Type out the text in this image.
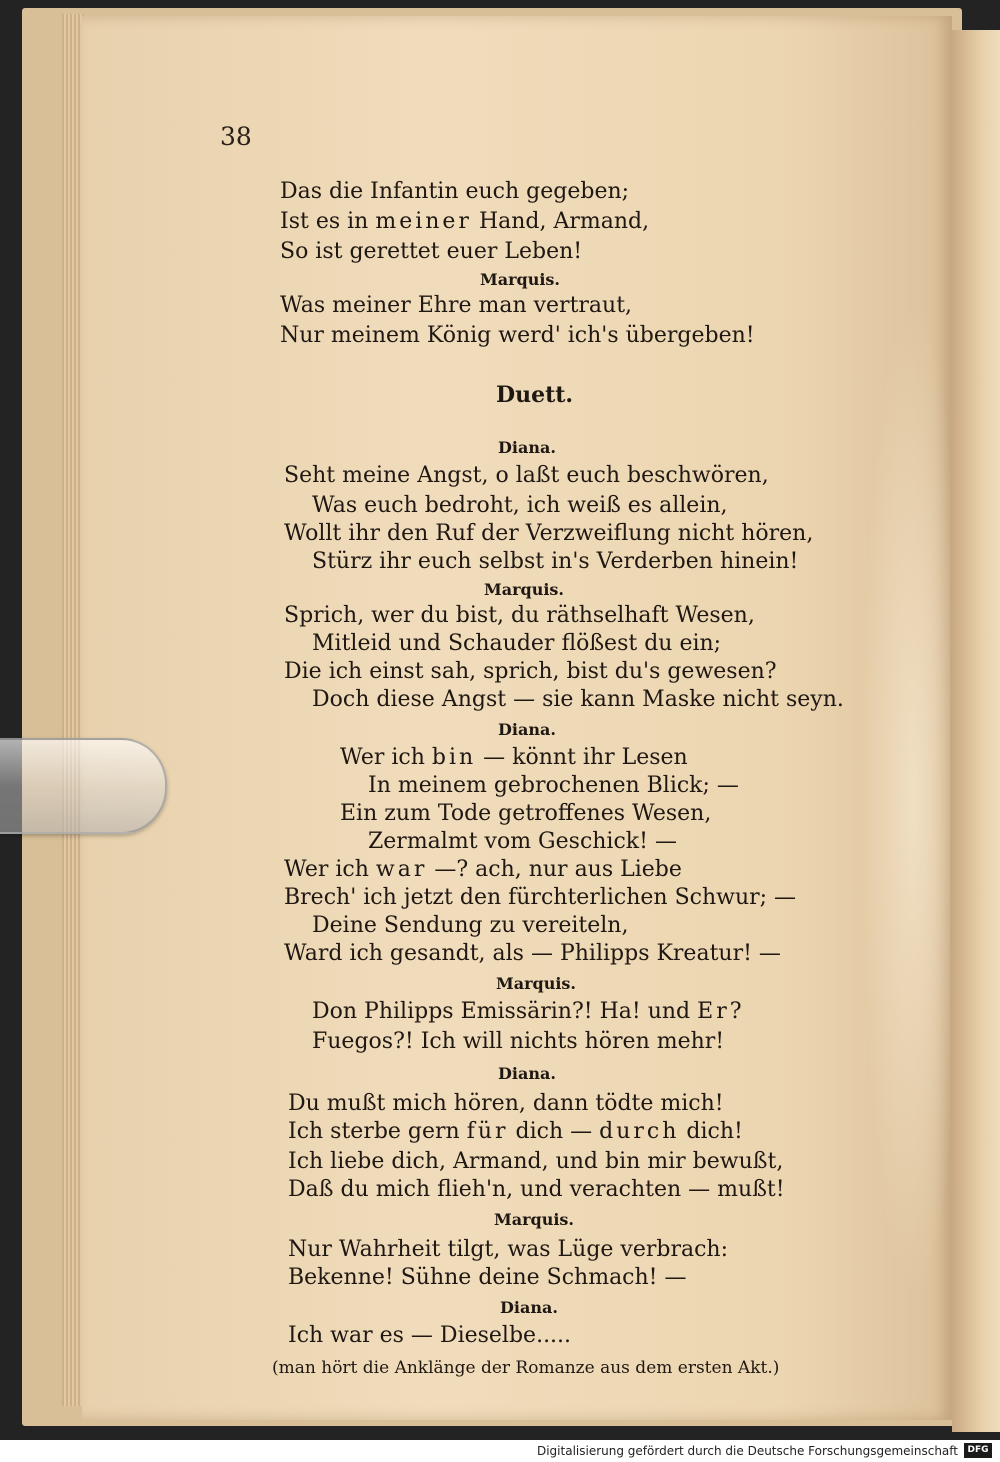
38
Das die Infantin euch gegeben;
Ist es in meiner Hand, Armand,
So ist gerettet euer Leben!
Marquis.
Was meiner Ehre man vertraut,
Nur meinem König werd' ich's übergeben!
Duett.
Diana.
Seht meine Angst, o laßt euch beschwören,
Was euch bedroht, ich weiß es allein,
Wollt ihr den Ruf der Verzweiflung nicht hören,
Stürz ihr euch selbst in's Verderben hinein!
Marquis.
Sprich, wer du bist, du räthselhaft Wesen,
Mitleid und Schauder flößest du ein;
Die ich einst sah, sprich, bist du's gewesen?
Doch diese Angst — sie kann Maske nicht seyn.
Diana.
Wer ich bin — könnt ihr Lesen
In meinem gebrochenen Blick; —
Ein zum Tode getroffenes Wesen,
Zermalmt vom Geschick! —
Wer ich war —? ach, nur aus Liebe
Brech' ich jetzt den fürchterlichen Schwur; —
Deine Sendung zu vereiteln,
Ward ich gesandt, als — Philipps Kreatur! —
Marquis.
Don Philipps Emissärin?! Ha! und Er?
Fuegos?! Ich will nichts hören mehr!
Diana.
Du mußt mich hören, dann tödte mich!
Ich sterbe gern für dich — durch dich!
Ich liebe dich, Armand, und bin mir bewußt,
Daß du mich flieh'n, und verachten — mußt!
Marquis.
Nur Wahrheit tilgt, was Lüge verbrach:
Bekenne! Sühne deine Schmach! —
Diana.
Ich war es — Dieselbe.....
(man hört die Anklänge der Romanze aus dem ersten Akt.)
Digitalisierung gefördert durch die Deutsche Forschungsgemeinschaft	DFG
